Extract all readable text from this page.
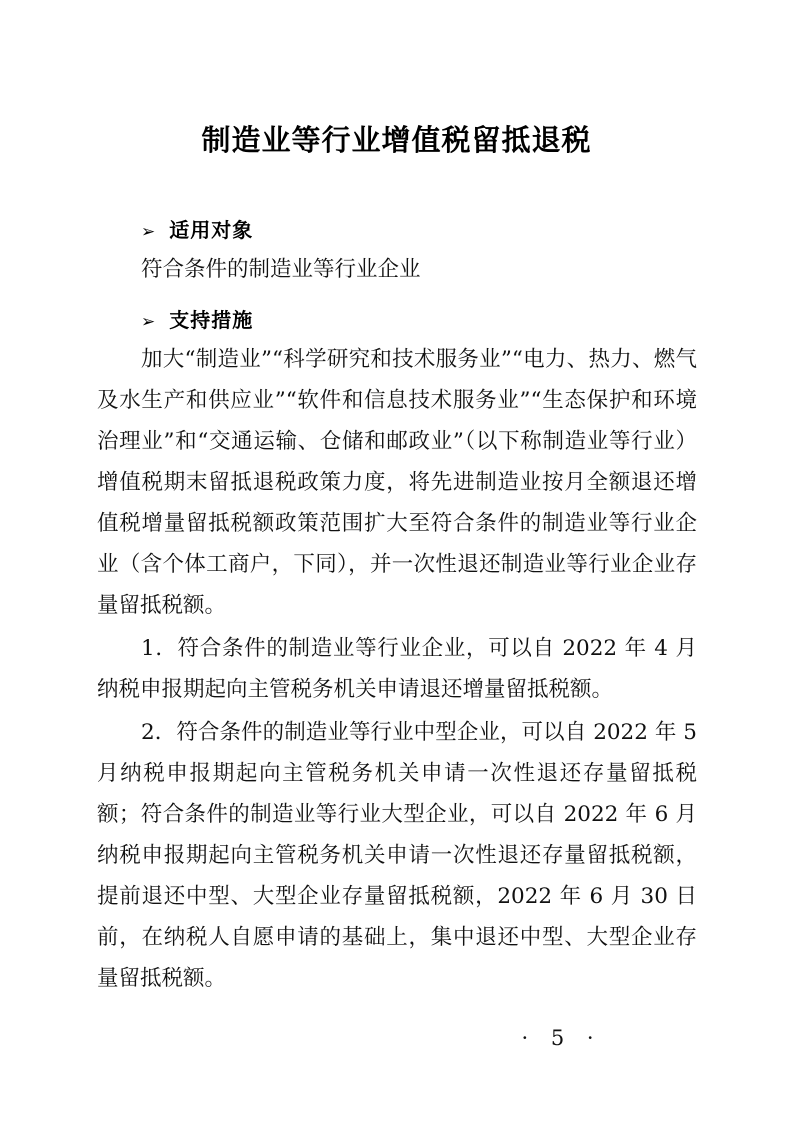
制造业等行业增值税留抵退税
➢ 适用对象

符合条件的制造业等行业企业

➢ 支持措施

加大“制造业”“科学研究和技术服务业”“电力、热力、燃气及水生产和供应业”“软件和信息技术服务业”“生态保护和环境治理业”和“交通运输、仓储和邮政业”（以下称制造业等行业）增值税期末留抵退税政策力度，将先进制造业按月全额退还增值税增量留抵税额政策范围扩大至符合条件的制造业等行业企业（含个体工商户，下同），并一次性退还制造业等行业企业存量留抵税额。

1．符合条件的制造业等行业企业，可以自 2022 年 4 月纳税申报期起向主管税务机关申请退还增量留抵税额。

2．符合条件的制造业等行业中型企业，可以自 2022 年 5 月纳税申报期起向主管税务机关申请一次性退还存量留抵税额；符合条件的制造业等行业大型企业，可以自 2022 年 6 月纳税申报期起向主管税务机关申请一次性退还存量留抵税额，提前退还中型、大型企业存量留抵税额，2022 年 6 月 30 日前，在纳税人自愿申请的基础上，集中退还中型、大型企业存量留抵税额。

· 5 ·
